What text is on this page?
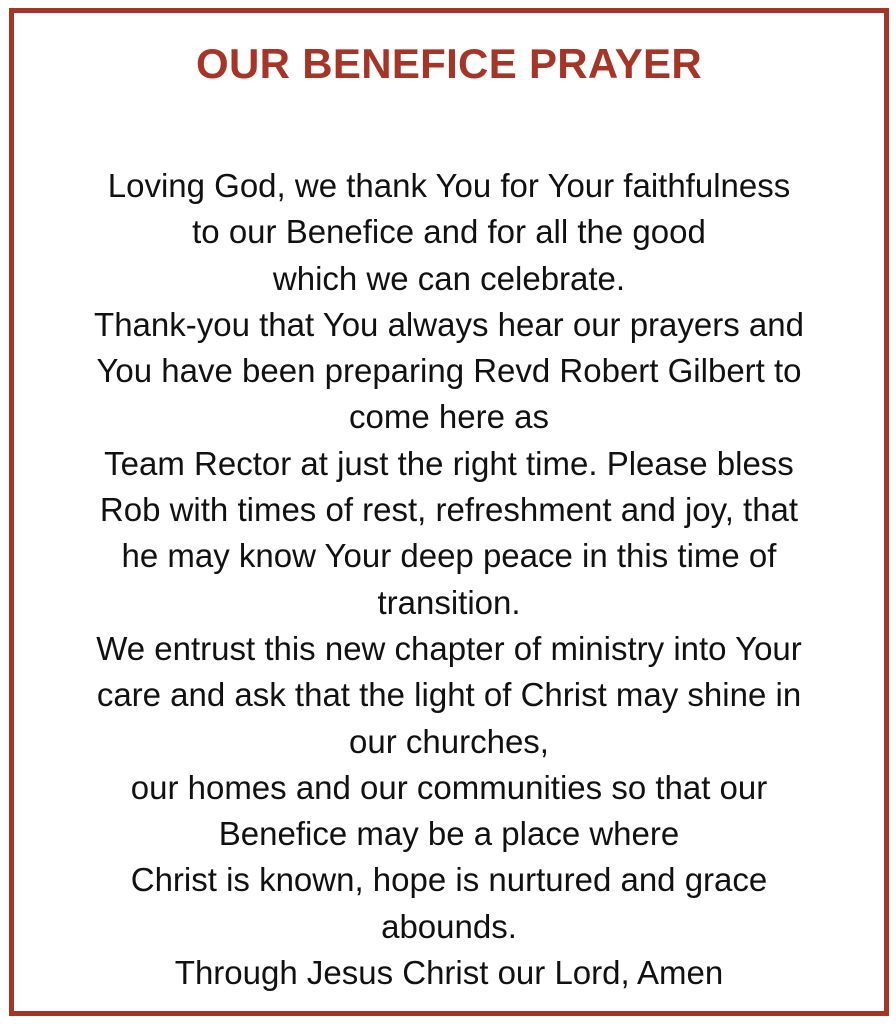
OUR BENEFICE PRAYER
Loving God, we thank You for Your faithfulness
to our Benefice and for all the good
which we can celebrate.
Thank-you that You always hear our prayers and
You have been preparing Revd Robert Gilbert to
come here as
Team Rector at just the right time. Please bless
Rob with times of rest, refreshment and joy, that
he may know Your deep peace in this time of
transition.
We entrust this new chapter of ministry into Your
care and ask that the light of Christ may shine in
our churches,
our homes and our communities so that our
Benefice may be a place where
Christ is known, hope is nurtured and grace
abounds.
Through Jesus Christ our Lord, Amen
